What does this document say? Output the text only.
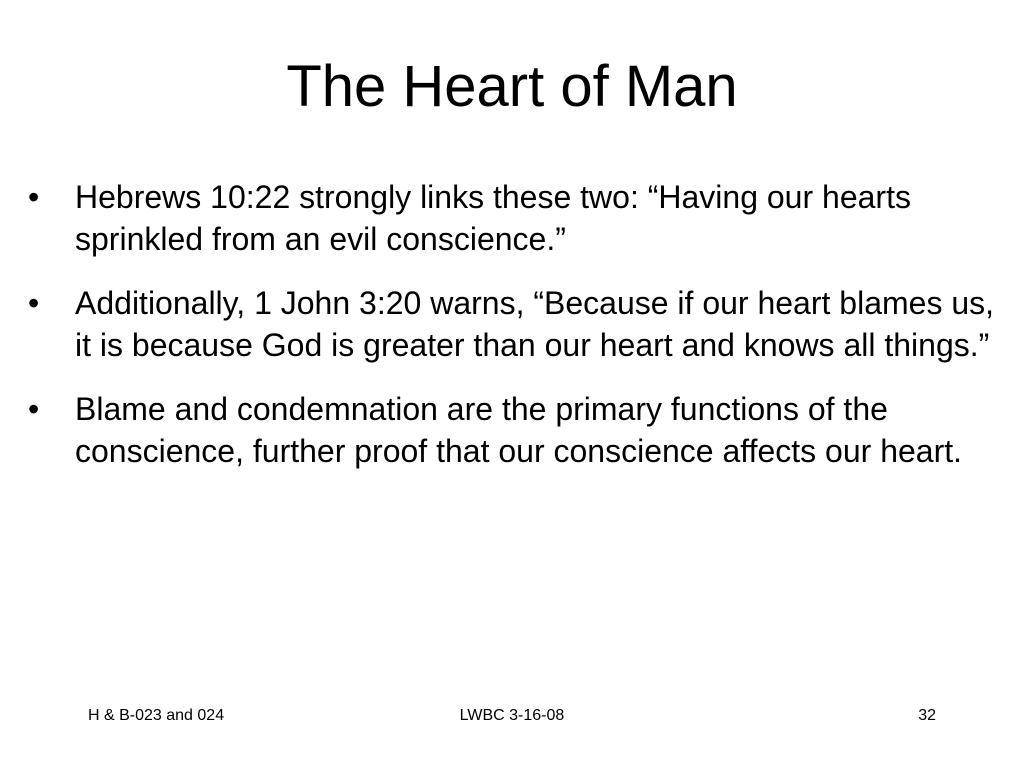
The Heart of Man
•	Hebrews 10:22 strongly links these two: “Having our hearts sprinkled from an evil conscience.”
•	Additionally, 1 John 3:20 warns, “Because if our heart blames us, it is because God is greater than our heart and knows all things.”
•	Blame and condemnation are the primary functions of the conscience, further proof that our conscience affects our heart.
H & B-023 and 024	LWBC 3-16-08	32
